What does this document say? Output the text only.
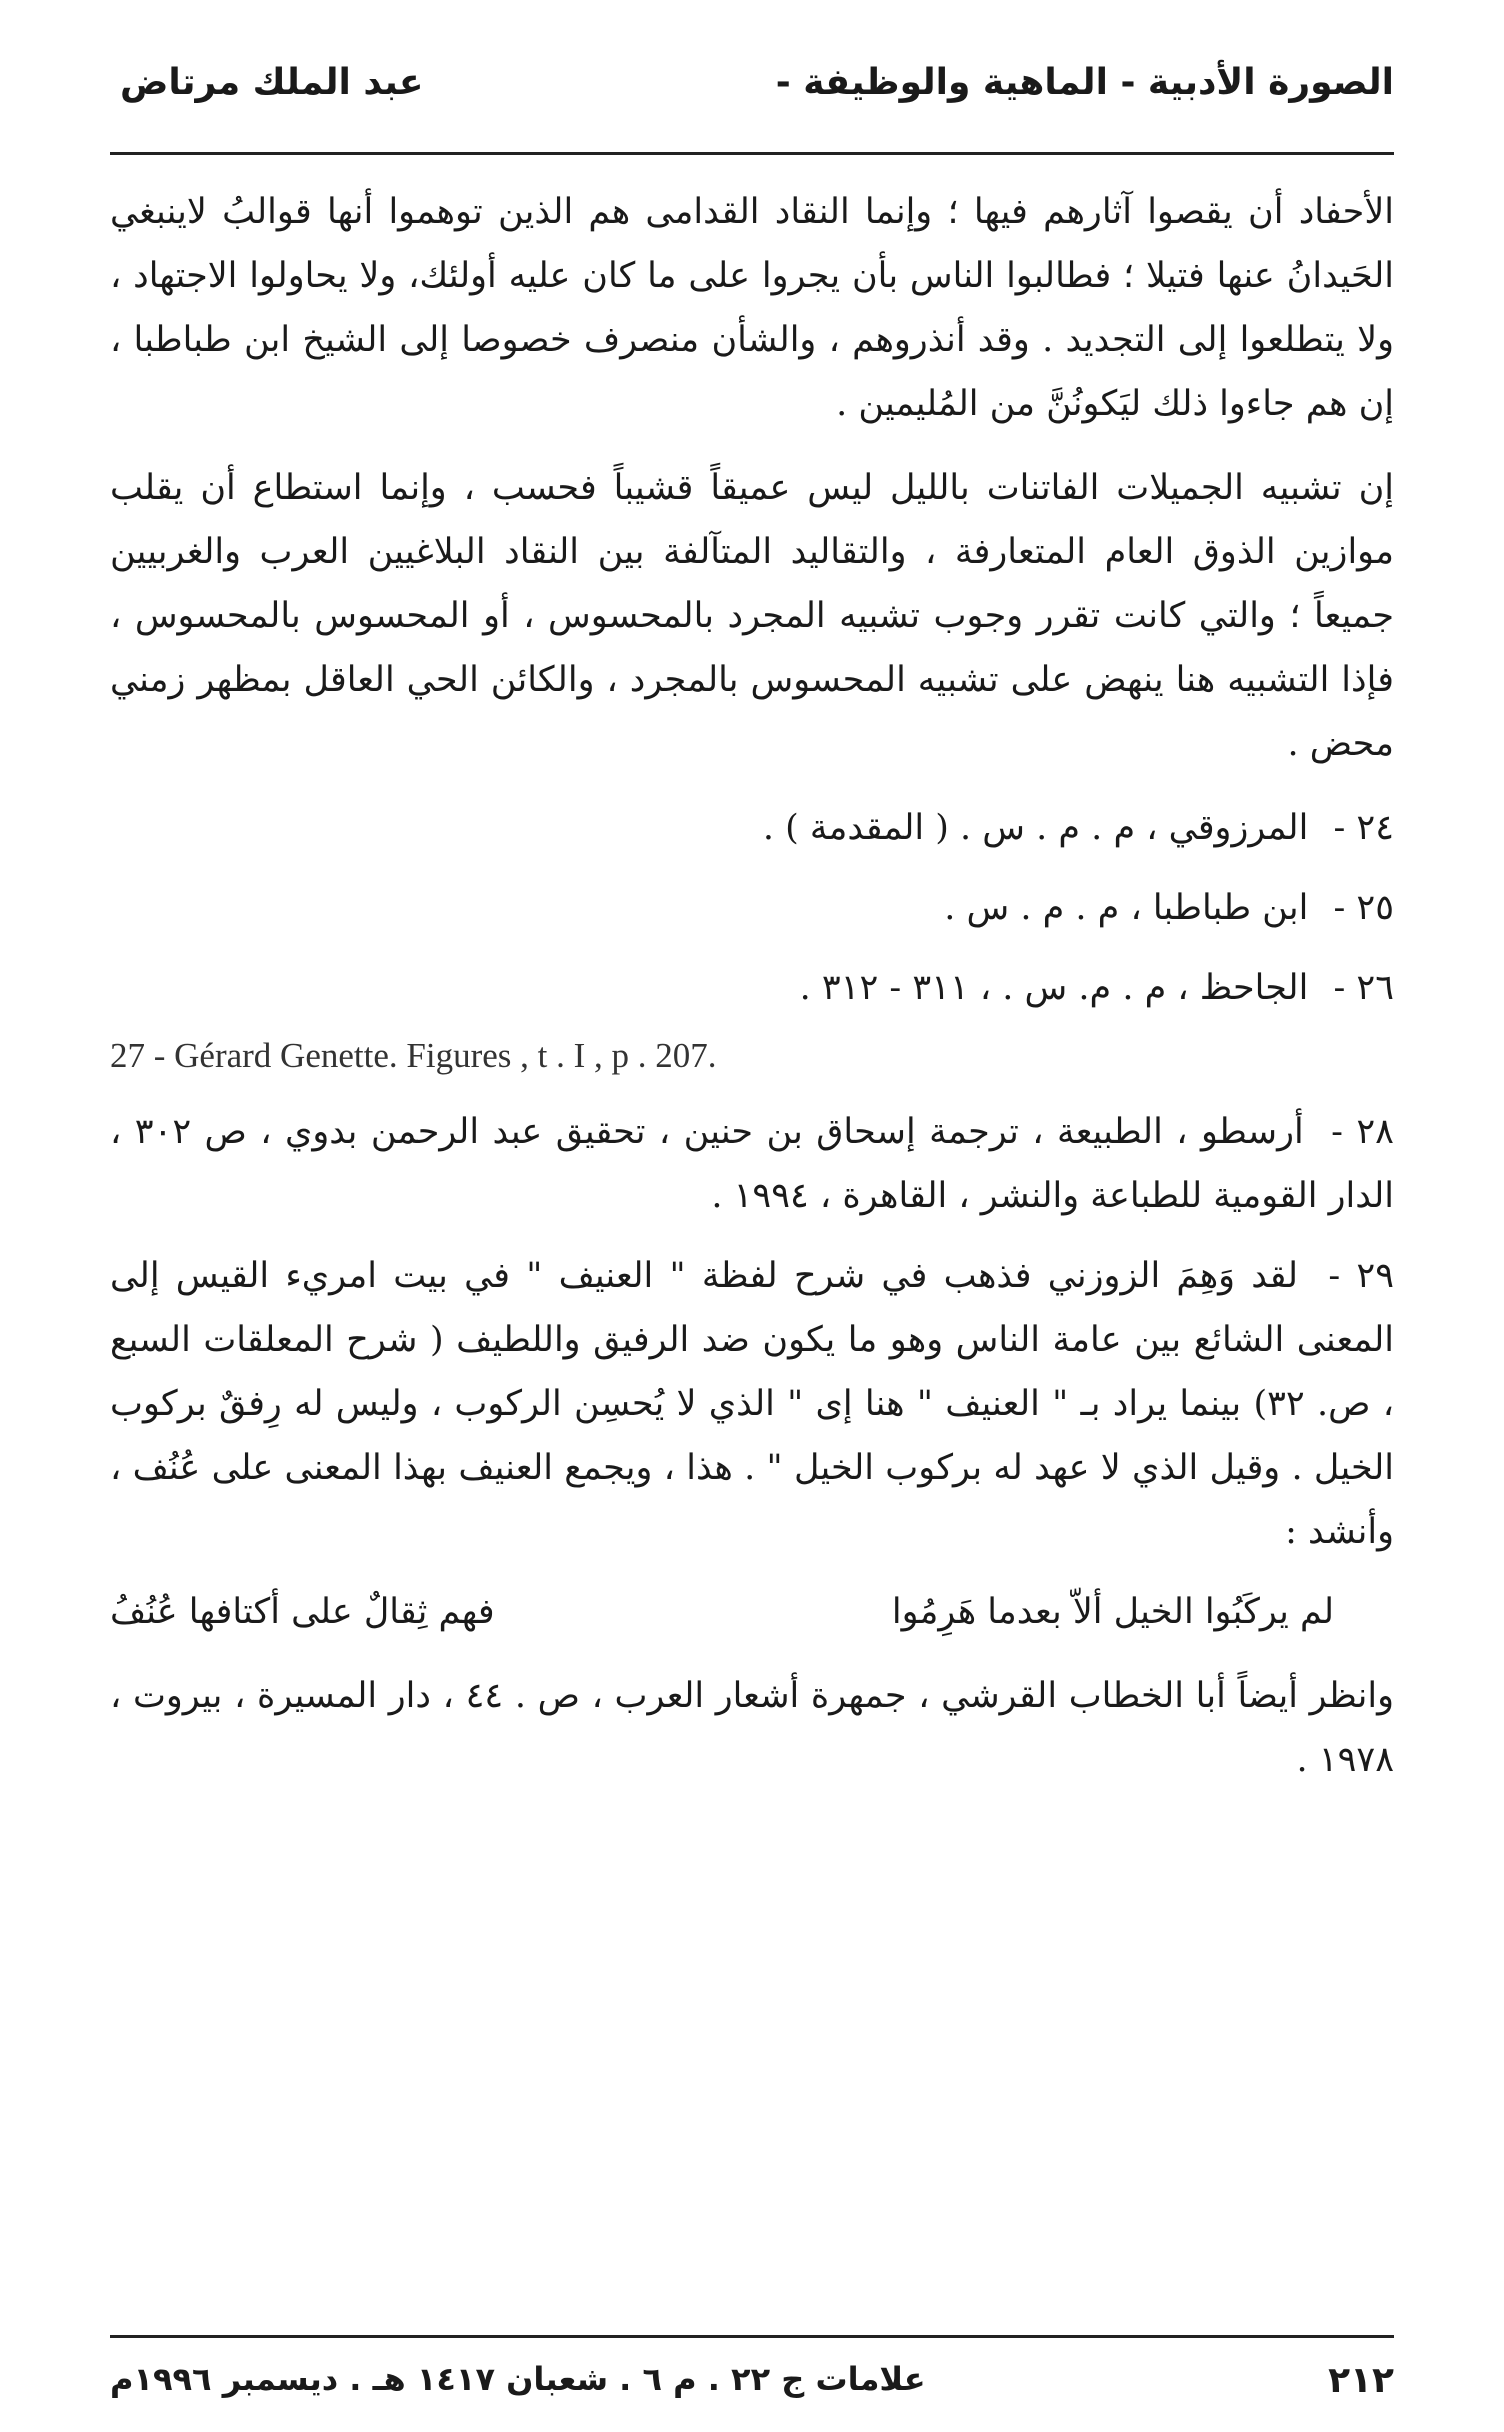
الصورة الأدبية - الماهية والوظيفة -
عبد الملك مرتاض

الأحفاد أن يقصوا آثارهم فيها ؛ وإنما النقاد القدامى هم الذين توهموا أنها قوالبُ لاينبغي الحَيدانُ عنها فتيلا ؛ فطالبوا الناس بأن يجروا على ما كان عليه أولئك، ولا يحاولوا الاجتهاد ، ولا يتطلعوا إلى التجديد . وقد أنذروهم ، والشأن منصرف خصوصا إلى الشيخ ابن طباطبا ، إن هم جاءوا ذلك ليَكونُنَّ من المُليمين .

إن تشبيه الجميلات الفاتنات بالليل ليس عميقاً قشيباً فحسب ، وإنما استطاع أن يقلب موازين الذوق العام المتعارفة ، والتقاليد المتآلفة بين النقاد البلاغيين العرب والغربيين جميعاً ؛ والتي كانت تقرر وجوب تشبيه المجرد بالمحسوس ، أو المحسوس بالمحسوس ، فإذا التشبيه هنا ينهض على تشبيه المحسوس بالمجرد ، والكائن الحي العاقل بمظهر زمني محض .

٢٤ - المرزوقي ، م . م . س . ( المقدمة ) .
٢٥ - ابن طباطبا ، م . م . س .
٢٦ - الجاحظ ، م . م. س . ، ٣١١ - ٣١٢ .
27 - Gérard Genette. Figures , t . I , p . 207.
٢٨ - أرسطو ، الطبيعة ، ترجمة إسحاق بن حنين ، تحقيق عبد الرحمن بدوي ، ص ٣٠٢ ، الدار القومية للطباعة والنشر ، القاهرة ، ١٩٩٤ .
٢٩ - لقد وَهِمَ الزوزني فذهب في شرح لفظة " العنيف " في بيت امريء القيس إلى المعنى الشائع بين عامة الناس وهو ما يكون ضد الرفيق واللطيف ( شرح المعلقات السبع ، ص. ٣٢) بينما يراد بـ " العنيف " هنا إى " الذي لا يُحسِن الركوب ، وليس له رِفقٌ بركوب الخيل . وقيل الذي لا عهد له بركوب الخيل " . هذا ، ويجمع العنيف بهذا المعنى على عُنُف ، وأنشد :
لم يركَبُوا الخيل ألاّ بعدما هَرِمُوا
فهم ثِقالٌ على أكتافها عُنُفُ

وانظر أيضاً أبا الخطاب القرشي ، جمهرة أشعار العرب ، ص . ٤٤ ، دار المسيرة ، بيروت ، ١٩٧٨ .

٢١٢
علامات ج ٢٢ . م ٦ . شعبان ١٤١٧ هـ . ديسمبر ١٩٩٦م
